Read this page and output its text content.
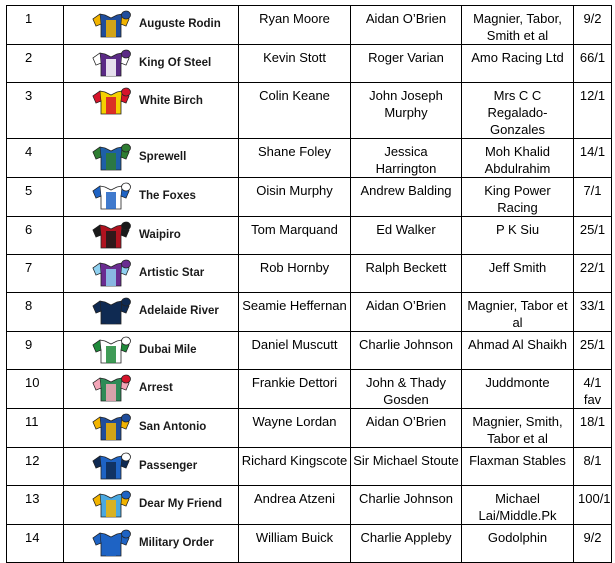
1	Auguste Rodin	Ryan Moore	Aidan O’Brien	Magnier, Tabor, Smith et al	9/2
2	King Of Steel	Kevin Stott	Roger Varian	Amo Racing Ltd	66/1
3	White Birch	Colin Keane	John Joseph Murphy	Mrs C C Regalado-Gonzales	12/1
4	Sprewell	Shane Foley	Jessica Harrington	Moh Khalid Abdulrahim	14/1
5	The Foxes	Oisin Murphy	Andrew Balding	King Power Racing	7/1
6	Waipiro	Tom Marquand	Ed Walker	P K Siu	25/1
7	Artistic Star	Rob Hornby	Ralph Beckett	Jeff Smith	22/1
8	Adelaide River	Seamie Heffernan	Aidan O’Brien	Magnier, Tabor et al	33/1
9	Dubai Mile	Daniel Muscutt	Charlie Johnson	Ahmad Al Shaikh	25/1
10	Arrest	Frankie Dettori	John & Thady Gosden	Juddmonte	4/1 fav
11	San Antonio	Wayne Lordan	Aidan O’Brien	Magnier, Smith, Tabor et al	18/1
12	Passenger	Richard Kingscote	Sir Michael Stoute	Flaxman Stables	8/1
13	Dear My Friend	Andrea Atzeni	Charlie Johnson	Michael Lai/Middle.Pk	100/1
14	Military Order	William Buick	Charlie Appleby	Godolphin	9/2
